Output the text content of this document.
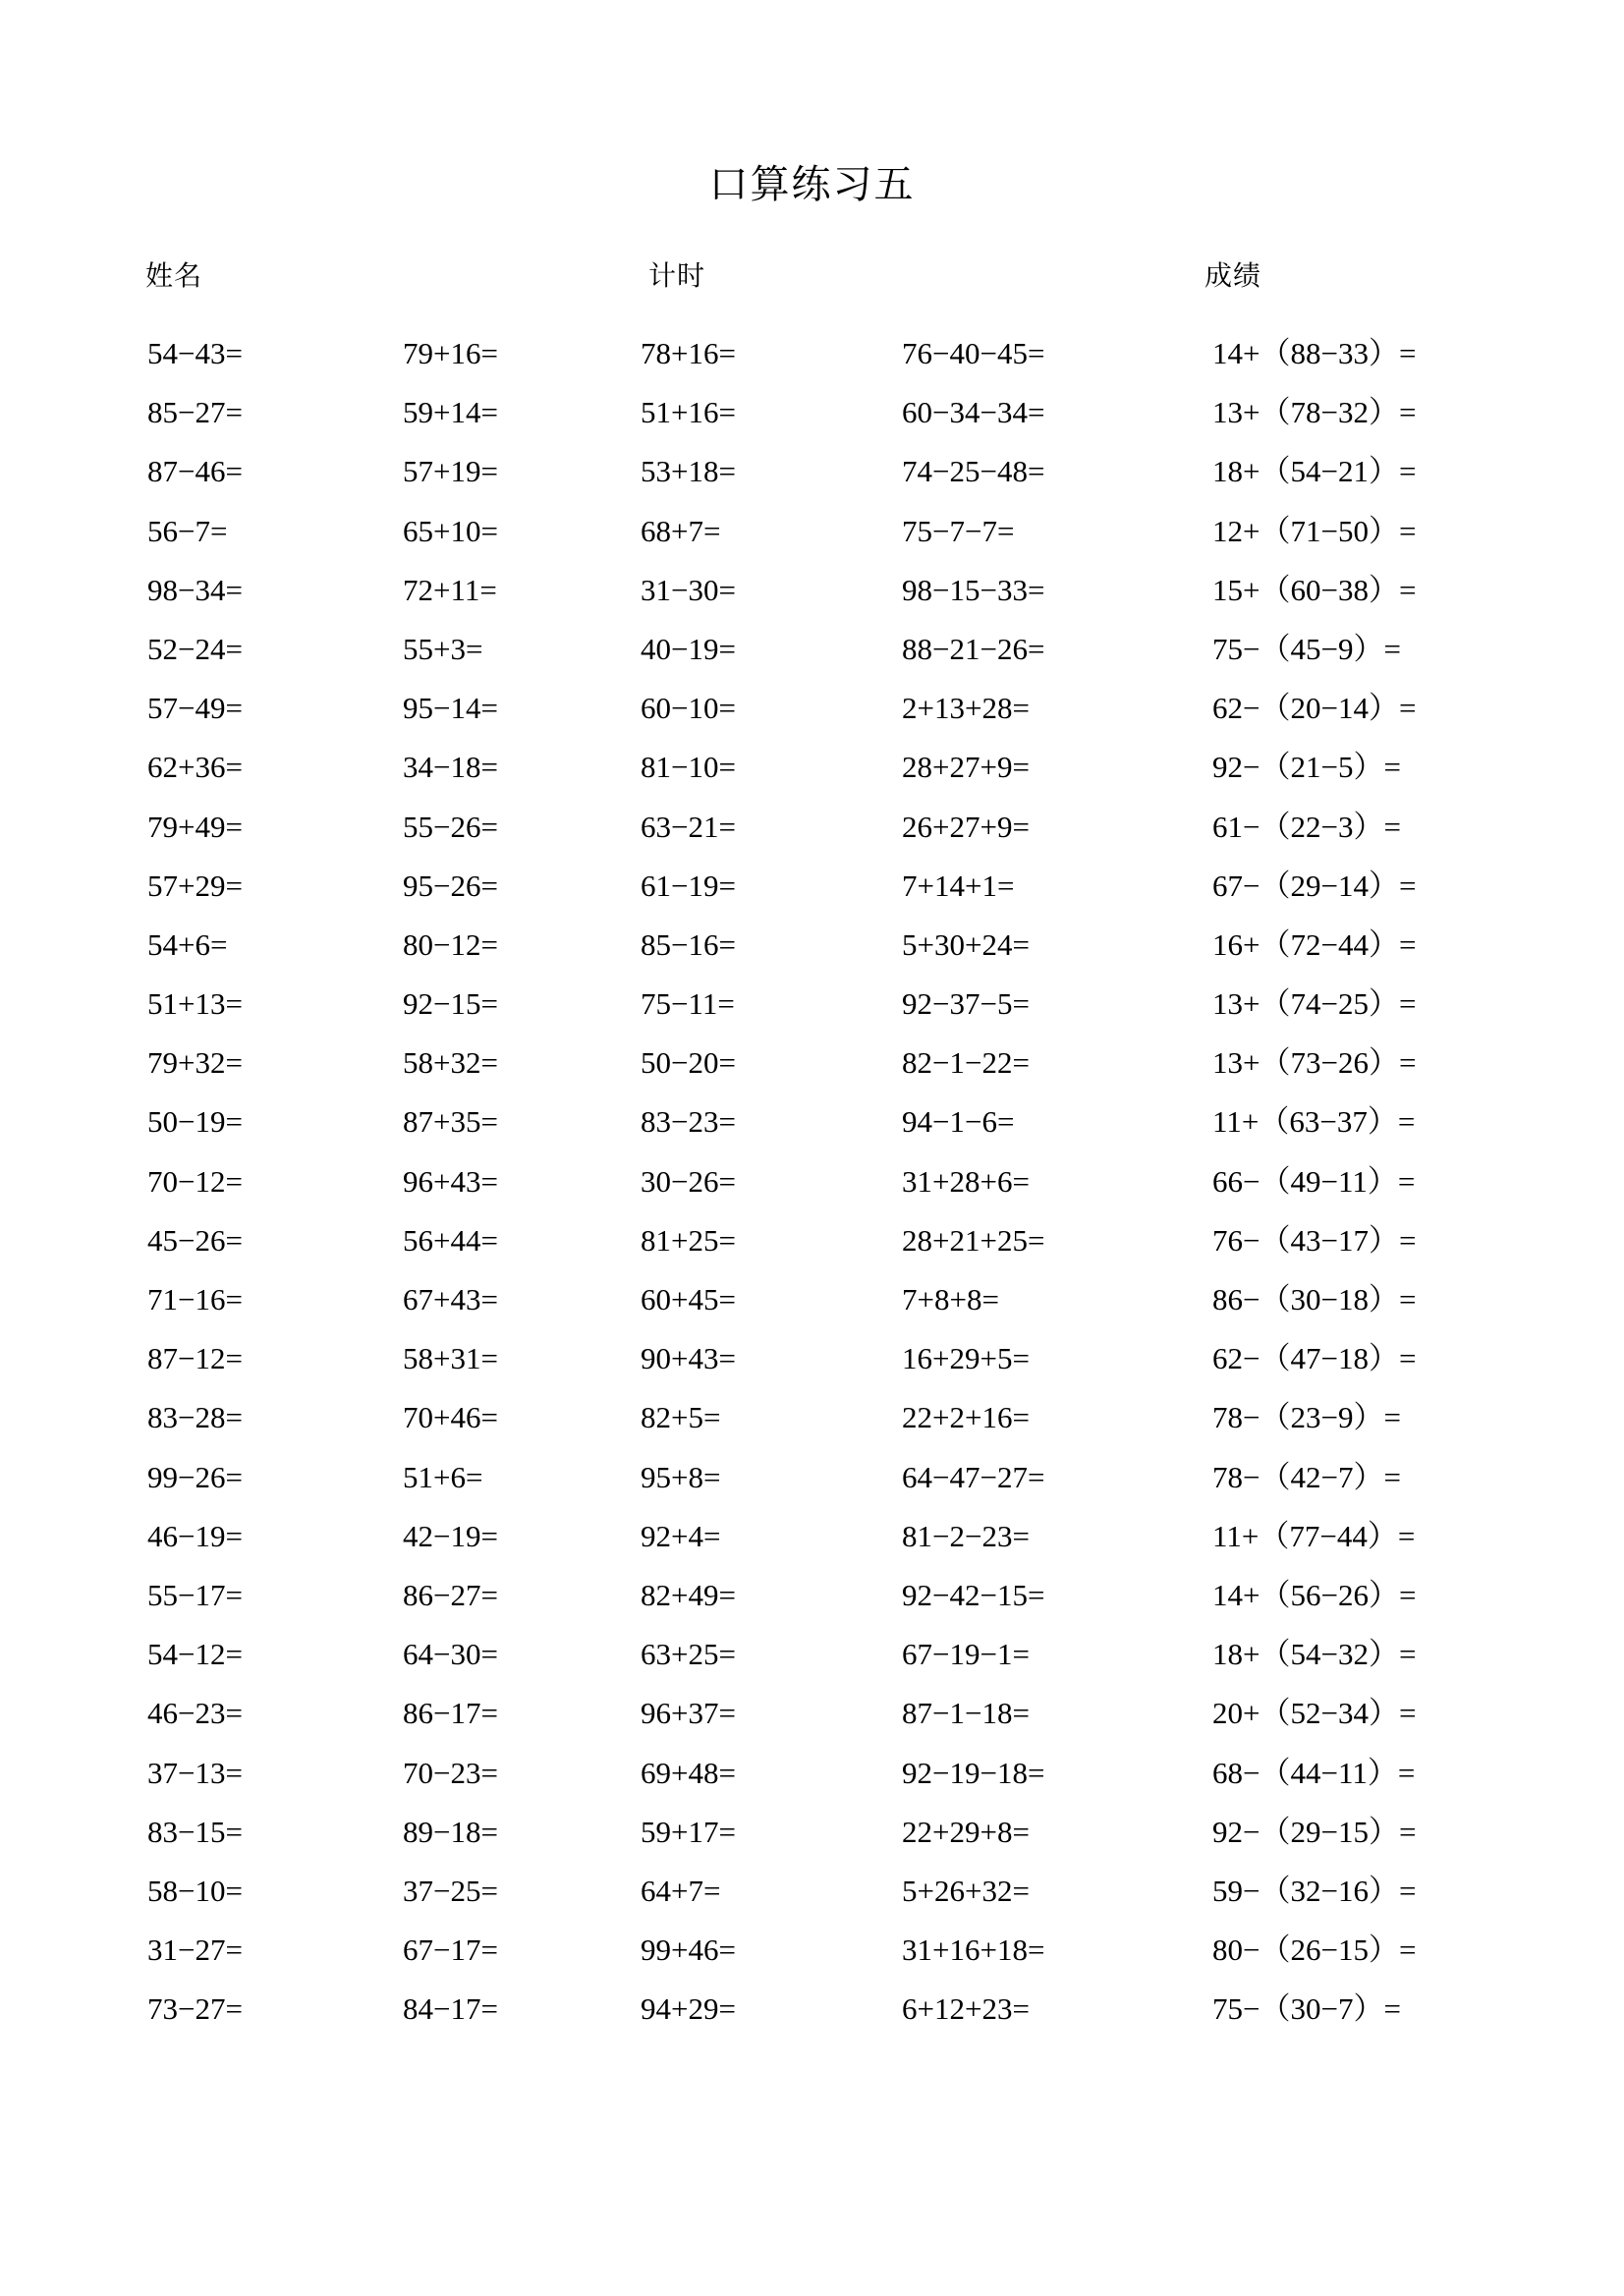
口算练习五
姓名	计时	成绩
54−43=
85−27=
87−46=
56−7=
98−34=
52−24=
57−49=
62+36=
79+49=
57+29=
54+6=
51+13=
79+32=
50−19=
70−12=
45−26=
71−16=
87−12=
83−28=
99−26=
46−19=
55−17=
54−12=
46−23=
37−13=
83−15=
58−10=
31−27=
73−27=
79+16=
59+14=
57+19=
65+10=
72+11=
55+3=
95−14=
34−18=
55−26=
95−26=
80−12=
92−15=
58+32=
87+35=
96+43=
56+44=
67+43=
58+31=
70+46=
51+6=
42−19=
86−27=
64−30=
86−17=
70−23=
89−18=
37−25=
67−17=
84−17=
78+16=
51+16=
53+18=
68+7=
31−30=
40−19=
60−10=
81−10=
63−21=
61−19=
85−16=
75−11=
50−20=
83−23=
30−26=
81+25=
60+45=
90+43=
82+5=
95+8=
92+4=
82+49=
63+25=
96+37=
69+48=
59+17=
64+7=
99+46=
94+29=
76−40−45=
60−34−34=
74−25−48=
75−7−7=
98−15−33=
88−21−26=
2+13+28=
28+27+9=
26+27+9=
7+14+1=
5+30+24=
92−37−5=
82−1−22=
94−1−6=
31+28+6=
28+21+25=
7+8+8=
16+29+5=
22+2+16=
64−47−27=
81−2−23=
92−42−15=
67−19−1=
87−1−18=
92−19−18=
22+29+8=
5+26+32=
31+16+18=
6+12+23=
14+（88−33）=
13+（78−32）=
18+（54−21）=
12+（71−50）=
15+（60−38）=
75−（45−9）=
62−（20−14）=
92−（21−5）=
61−（22−3）=
67−（29−14）=
16+（72−44）=
13+（74−25）=
13+（73−26）=
11+（63−37）=
66−（49−11）=
76−（43−17）=
86−（30−18）=
62−（47−18）=
78−（23−9）=
78−（42−7）=
11+（77−44）=
14+（56−26）=
18+（54−32）=
20+（52−34）=
68−（44−11）=
92−（29−15）=
59−（32−16）=
80−（26−15）=
75−（30−7）=
